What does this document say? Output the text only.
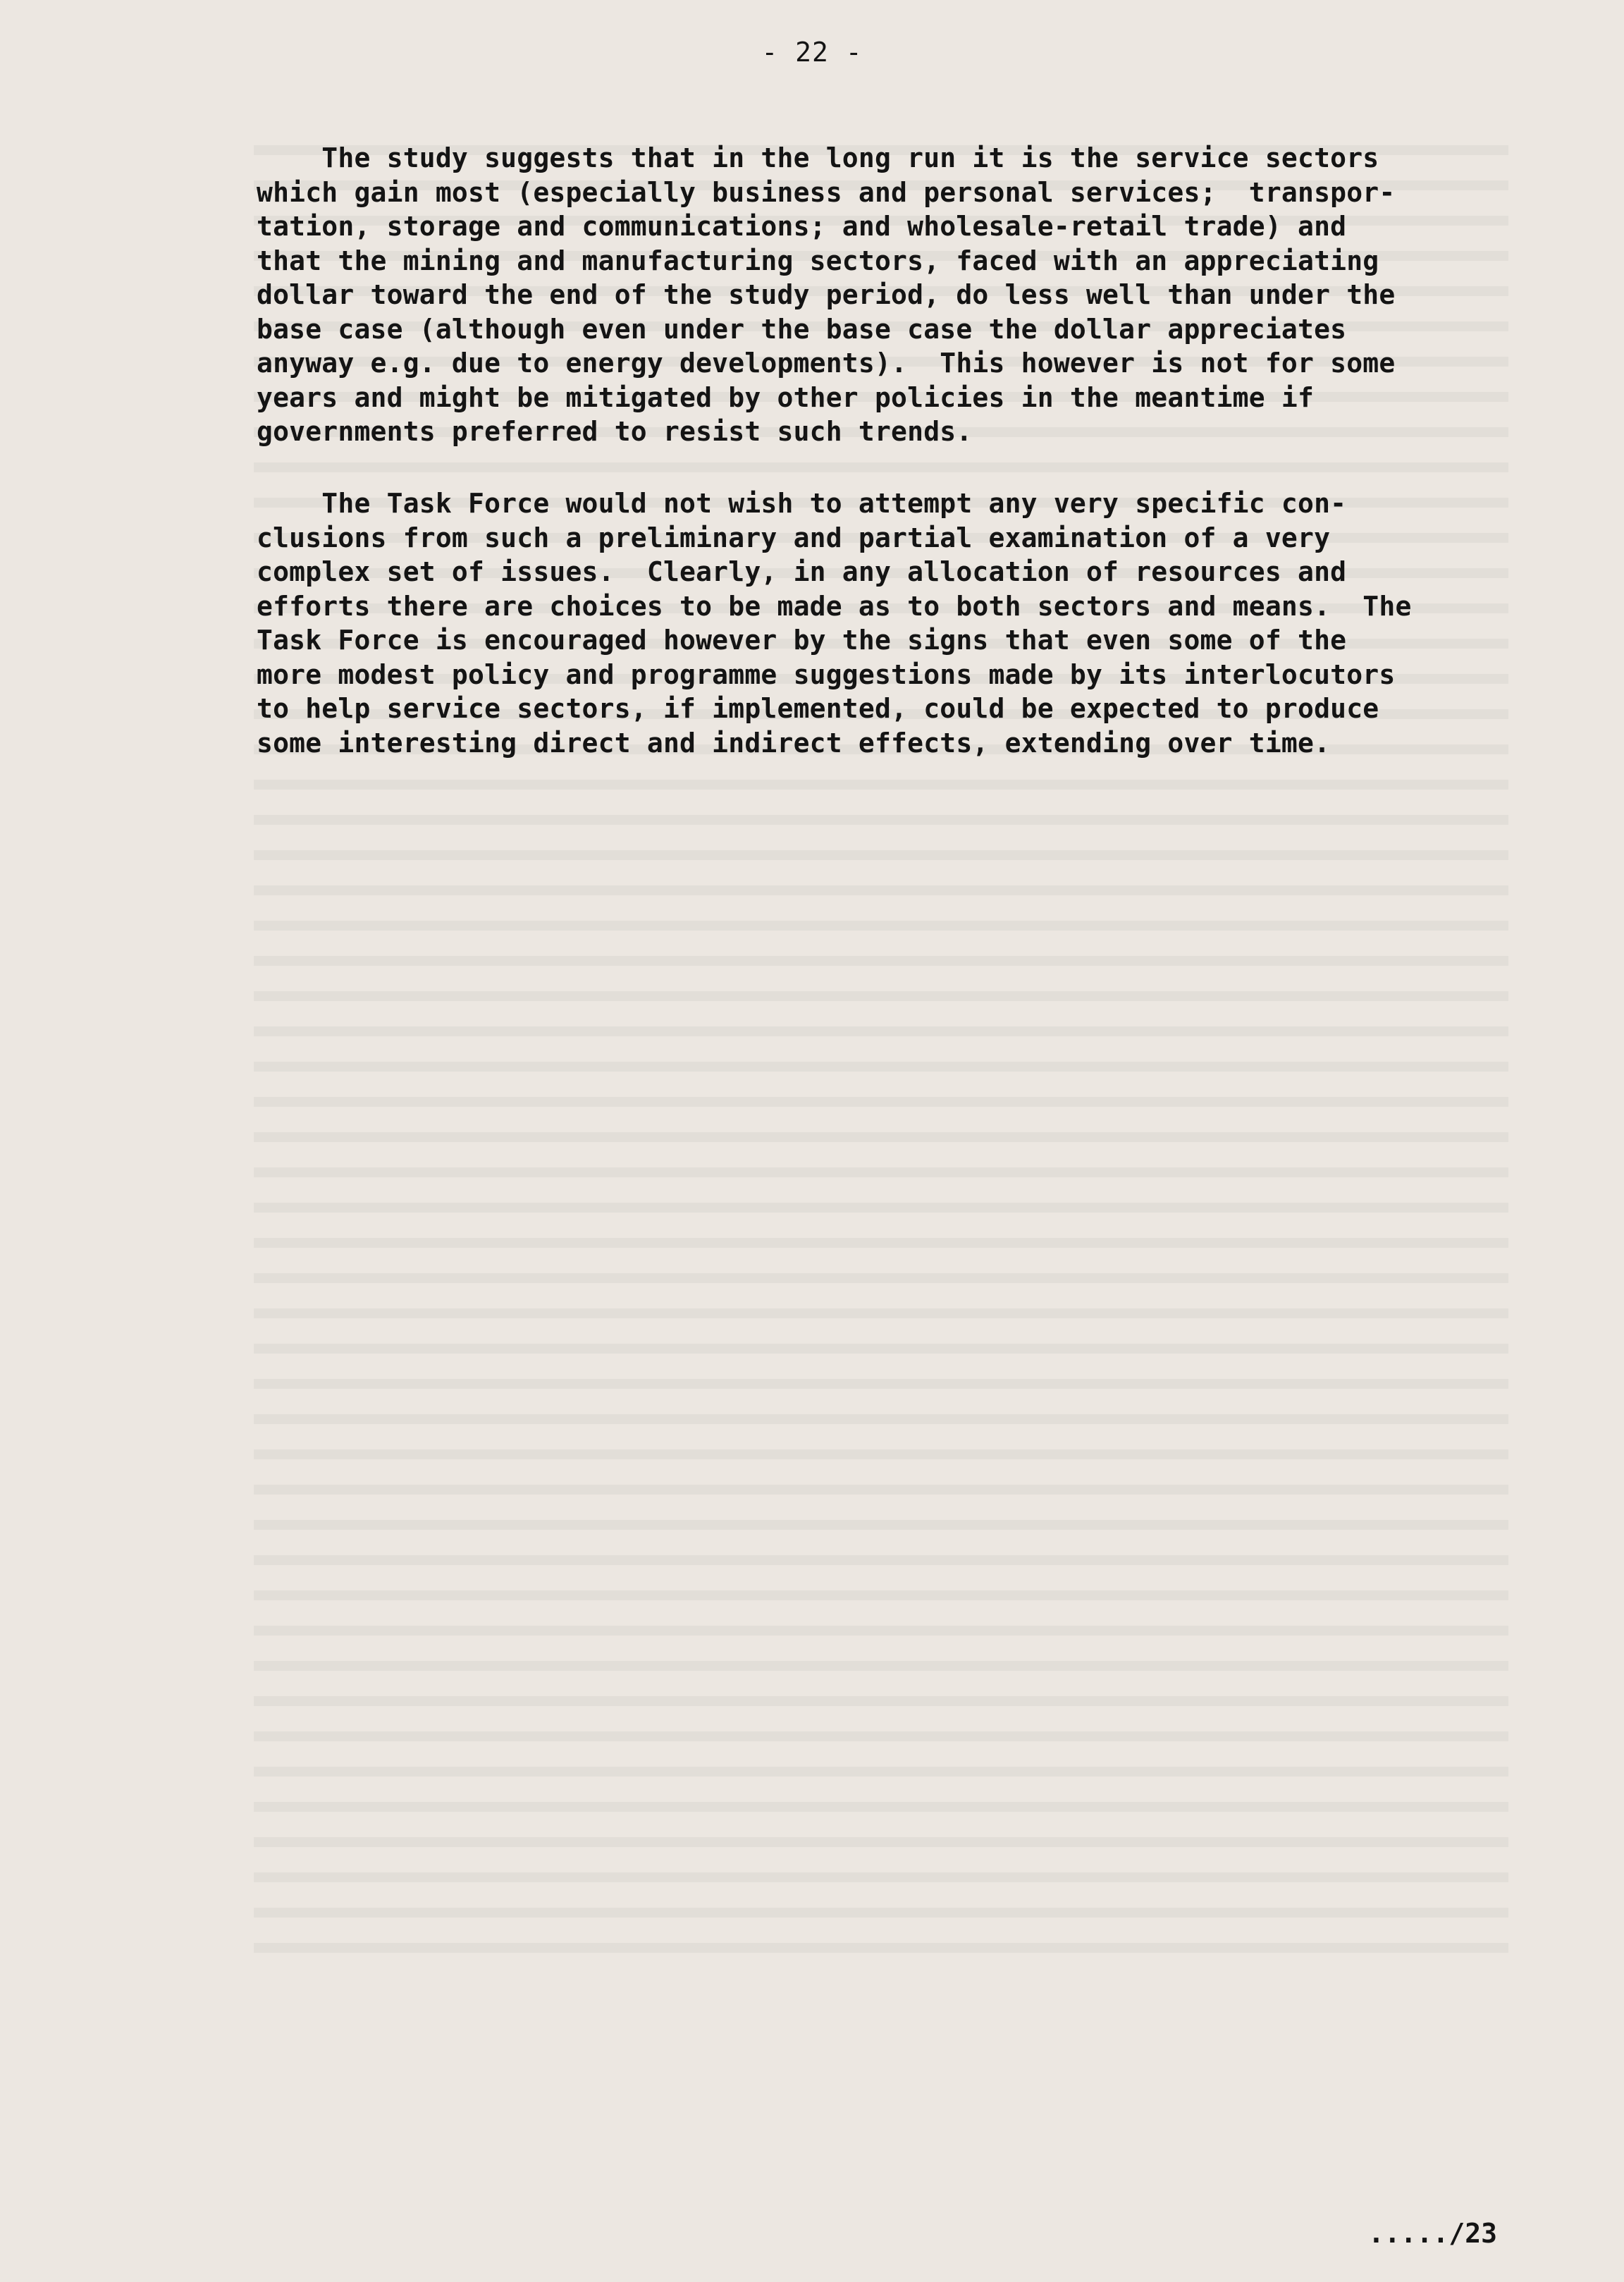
- 22 -

The study suggests that in the long run it is the service sectors
which gain most (especially business and personal services;  transpor-
tation, storage and communications; and wholesale-retail trade) and
that the mining and manufacturing sectors, faced with an appreciating
dollar toward the end of the study period, do less well than under the
base case (although even under the base case the dollar appreciates
anyway e.g. due to energy developments).  This however is not for some
years and might be mitigated by other policies in the meantime if
governments preferred to resist such trends.
The Task Force would not wish to attempt any very specific con-
clusions from such a preliminary and partial examination of a very
complex set of issues.  Clearly, in any allocation of resources and
efforts there are choices to be made as to both sectors and means.  The
Task Force is encouraged however by the signs that even some of the
more modest policy and programme suggestions made by its interlocutors
to help service sectors, if implemented, could be expected to produce
some interesting direct and indirect effects, extending over time.

...../23
